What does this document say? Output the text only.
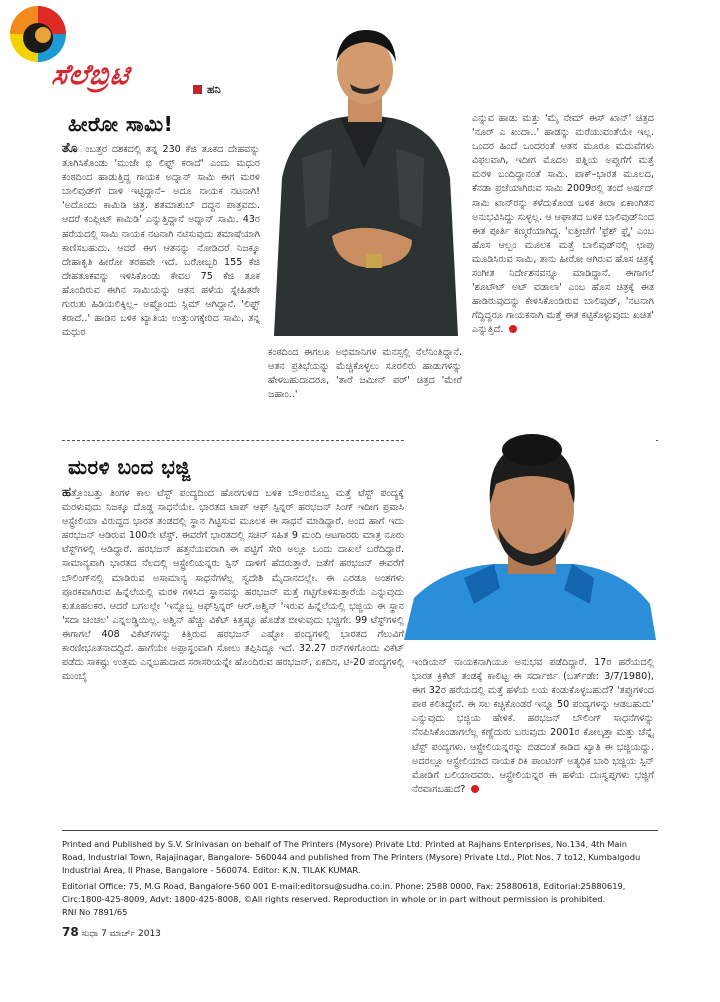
ಸೆಲೆಬ್ರಿಟಿ	ಹನಿ
ಹೀರೋ ಸಾಮಿ!
ತೊಂಬತ್ತರ ದಶಕದಲ್ಲಿ ತನ್ನ 230 ಕೆಜಿ ತೂಕದ ದೇಹವನ್ನು ತೂಗಿಸಿಕೊಂಡು 'ಮುಜೇ ಭಿ ಲಿಫ್ಟ್ ಕರಾದೆ' ಎಂದು ಮಧುರ ಕಂಠದಿಂದ ಹಾಡುತ್ತಿದ್ದ ಗಾಯಕ ಅದ್ನಾನ್ ಸಾಮಿ ಈಗ ಮರಳಿ ಬಾಲಿವುಡ್‌ಗೆ ದಾಳಿ ಇಟ್ಟಿದ್ದಾನೆ– ಅದೂ ನಾಯಕ ನಟನಾಗಿ! 'ಅದೊಂದು ಕಾಮಿಡಿ ಚಿತ್ರ. ಶತಮಾಶುಬ್ ದದ್ದನ ಪಾತ್ರವದು. ಆದರೆ ಕಂಪ್ಲೀಟ್ ಕಾಮಿಡಿ' ಎನ್ನುತ್ತಿದ್ದಾನೆ ಅದ್ನಾನ್ ಸಾಮಿ. 43ರ ಹರೆಯದಲ್ಲಿ ಸಾಮಿ ನಾಯಕ ನಟನಾಗಿ ನಟಿಸುವುದು ತಮಾಷೆಯಾಗಿ ಕಾಣಿಸಬಹುದು. ಆದರೆ ಈಗ ಆತನನ್ನು ನೋಡಿದರೆ ನಿಜಕ್ಕೂ ದೇಹಾಕೃತಿ ಹೀರೋ ತರಹವೇ ಇದೆ. ಬರೋಬ್ಬರಿ 155 ಕೆಜಿ ದೇಹತೂಕವನ್ನು ಇಳಿಸಿಕೊಂಡು ಕೇವಲ 75 ಕೆಜಿ ತೂಕ ಹೊಂದಿರುವ ಈಗಿನ ಸಾಮಿಯನ್ನು ಆತನ ಹಳೆಯ ಸ್ನೇಹಿತರೇ ಗುರುತು ಹಿಡಿಯಲಿಕ್ಕಿಲ್ಲ– ಅಷ್ಟೊಂದು ಸ್ಲಿಮ್ ಆಗಿದ್ದಾನೆ. 'ಲಿಫ್ಟ್ ಕರಾದೆ..' ಹಾಡಿನ ಬಳಿಕ ಖ್ಯಾತಿಯ ಉತ್ತುಂಗಕ್ಕೇರಿದ ಸಾಮಿ, ತನ್ನ ಮಧುರ
ಕಂಠದಿಂದ ಈಗಲೂ ಅಭಿಮಾನಿಗಳ ಮನಸ್ಸಲ್ಲಿ ನೆಲೆನಿಂತಿದ್ದಾನೆ. ಆತನ ಪ್ರತಿಭೆಯನ್ನು ಮೆಚ್ಚಿಕೊಳ್ಳಲು ಸೂರಲಿರು ಹಾಡುಗಳನ್ನು ಹೇಳಬಹುದಾದರೂ, 'ತಾರೆ ಜಮೀನ್ ಪರ್' ಚಿತ್ರದ 'ಮೇರೆ ಜಹಾಂ..'
ಎನ್ನುವ ಹಾಡು ಮತ್ತು 'ಮೈ ನೇಮ್ ಈಸ್ ಖಾನ್' ಚಿತ್ರದ 'ನೂರ್ ಎ ಖುದಾ..' ಹಾಡನ್ನು ಮರೆಯುವಂತೆಯೇ ಇಲ್ಲ. ಒಂದರ ಹಿಂದೆ ಒಂದರಂತೆ ಆತನ ಮೂರೂ ಮದುವೆಗಳು ವಿಫಲವಾಗಿ, ಇದೀಗ ಮೊದಲ ಪತ್ನಿಯ ಅಪ್ಪುಗೆಗೆ ಮತ್ತೆ ಮರಳಿ ಬಂದಿದ್ದಾನಂತೆ ಸಾಮಿ. ಪಾಕ್–ಭಾರತ ಮೂಲದ, ಕೆನಡಾ ಪ್ರಜೆಯಾಗಿರುವ ಸಾಮಿ 2009ರಲ್ಲಿ ತಂದೆ ಅರ್ಷದ್ ಸಾಮಿ ಖಾನ್‌ರನ್ನು ಕಳೆದುಕೊಂಡ ಬಳಿಕ ತೀರಾ ಏಕಾಂಗಿತನ ಅನುಭವಿಸಿದ್ದು ಸುಳ್ಳಲ್ಲ. ಆ ಆಘಾತದ ಬಳಿಕ ಬಾಲಿವುಡ್‌ನಿಂದ ಈತ ಪೂರ್ತಿ ಕಣ್ಮರೆಯಾಗಿದ್ದ. 'ಐತ್ತೀಚೆಗೆ 'ಫ್ರೆಶ್ ಫ್ರೈ' ಎಂಬ ಹೊಸ ಆಲ್ಬಂ ಮೂಲಕ ಮತ್ತೆ ಬಾಲಿವುಡ್‌ನಲ್ಲಿ ಛಾಪು ಮೂಡಿಸಿರುವ ಸಾಮಿ, ತಾನು ಹೀರೋ ಆಗಿರುವ ಹೊಸ ಚಿತ್ರಕ್ಕೆ ಸಂಗೀತ ನಿರ್ದೇಶನವನ್ನೂ ಮಾಡಿದ್ದಾನೆ. ಈಗಾಗಲೆ 'ಶೂಟೌಟ್ ಅಟ್ ವಡಾಲಾ' ಎಂಬ ಹೊಸ ಚಿತ್ರಕ್ಕೆ ಈತ ಹಾಡಿರುವುದನ್ನು ಕೇಳಿಸಿಕೊಂಡಿರುವ ಬಾಲಿವುಡ್, 'ನಟನಾಗಿ ಗೆದ್ದಿದ್ದರೂ ಗಾಯಕನಾಗಿ ಮತ್ತೆ ಈತ ಕಟ್ಟಿಕೊಳ್ಳುವುದು ಖಚಿತ' ಎನ್ನುತ್ತಿದೆ.
ಮರಳಿ ಬಂದ ಭಜ್ಜಿ
ಹತ್ತೊಂಬತ್ತು ತಿಂಗಳ ಕಾಲ ಟೆಸ್ಟ್ ಪಂದ್ಯದಿಂದ ಹೊರಗುಳಿದ ಬಳಿಕ ಬೌಲರನೊಬ್ಬ ಮತ್ತೆ ಟೆಸ್ಟ್ ಪಂದ್ಯಕ್ಕೆ ಮರಳುವುದು ನಿಜಕ್ಕೂ ದೊಡ್ಡ ಸಾಧನೆಯೇ. ಭಾರತದ ಟಾಪ್ ಆಫ್ ಸ್ಪಿನ್ನರ್ ಹರಭಜನ್ ಸಿಂಗ್ ಇದೀಗ ಪ್ರವಾಸಿ ಆಸ್ಟ್ರೇಲಿಯಾ ವಿರುದ್ಧದ ಭಾರತ ತಂಡದಲ್ಲಿ ಸ್ಥಾನ ಗಿಟ್ಟಿಸುವ ಮೂಲಕ ಈ ಸಾಧನೆ ಮಾಡಿದ್ದಾರೆ. ಅಂದ ಹಾಗೆ ಇದು ಹರಭಜನ್ ಆಡಿರುವ 100ನೇ ಟೆಸ್ಟ್. ಈವರೆಗೆ ಭಾರತದಲ್ಲಿ ಸಚಿನ್ ಸಹಿತ 9 ಮಂದಿ ಆಟಗಾರರು ಮಾತ್ರ ನೂರು ಟೆಸ್ಟ್‌ಗಳಲ್ಲಿ ಆಡಿದ್ದಾರೆ. ಹರಭಜನ್ ಹತ್ತನೆಯವರಾಗಿ ಈ ಪಟ್ಟಿಗೆ ಸೇರಿ ಅಲ್ಲೂ ಒಂದು ದಾಖಲೆ ಬರೆದಿದ್ದಾರೆ. ಸಾಮಾನ್ಯವಾಗಿ ಭಾರತದ ನೆಲದಲ್ಲಿ ಆಸ್ಟ್ರೇಲಿಯನ್ನರು ಸ್ಪಿನ್ ದಾಳಿಗೆ ಹೆದರುತ್ತಾರೆ. ಜತೆಗೆ ಹರಭಜನ್ ಈವರೆಗೆ ಬೌಲಿಂಗ್‌ನಲ್ಲಿ ಮಾಡಿರುವ ಅಸಾಮಾನ್ಯ ಸಾಧನೆಗಳೆಲ್ಲ ಸ್ವದೇಶಿ ಮೈದಾನದಲ್ಲೇ. ಈ ಎರಡೂ ಅಂಶಗಳು ಪೂರಕವಾಗಿರುವ ಹಿನ್ನೆಲೆಯಲ್ಲಿ ಮರಳಿ ಗಳಿಸಿದ ಸ್ಥಾನವನ್ನು ಹರಭಜನ್ ಮತ್ತೆ ಗಟ್ಟಿಗೊಳಿಸುತ್ತಾರೆಯೆ ಎನ್ನುವುದು ಕುತೂಹಲಕರ. ಆದರೆ ಬಗಲಲ್ಲೇ 'ಇನ್ನೊಬ್ಬ ಆಫ್‌ಸ್ಪಿನ್ನರ್ ಆರ್.ಅಶ್ವಿನ್ 'ಇರುವ ಹಿನ್ನೆಲೆಯಲ್ಲಿ ಭಜ್ಜಿಯ ಈ ಸ್ಥಾನ 'ಸದಾ ಚಂಚಲ' ಎನ್ನಲಡ್ಡಿಯಿಲ್ಲ. ಅಶ್ವಿನ್ ಹೆಚ್ಚು ವಿಕೆಟ್ ಕಿತ್ತಷ್ಟೂ ಹೊಡೆತ ಬೀಳುವುದು ಭಜ್ಜಿಗೇ. 99 ಟೆಸ್ಟ್‌ಗಳಲ್ಲಿ ಈಗಾಗಲೆ 408 ವಿಕೆಟ್‌ಗಳನ್ನು ಕಿತ್ತಿರುವ ಹರಭಜನ್ ಎಷ್ಟೋ ಪಂದ್ಯಗಳಲ್ಲಿ ಭಾರತದ ಗೆಲುವಿಗೆ ಕಾರಣೀಭೂತನಾದದ್ದಿದೆ. ಹಾಗೆಯೇ ಅಪ್ಪಾಸ್ಥಂವಾಗಿ ಸೋಲು ತಪ್ಪಿಸಿದ್ದೂ ಇದೆ. 32.27 ರನ್‌ಗಳಿಗೊಂದು ವಿಕೆಟ್ ಪಡೆದು ಸಾಕಷ್ಟು ಉತ್ತಮ ಎನ್ನಬಹುದಾದ ಸರಾಸರಿಯನ್ನೇ ಹೊಂದಿರುವ ಹರಭಜನ್, ಏಕದಿನ, ಟಿ-20 ಪಂದ್ಯಗಳಲ್ಲಿ ಮುಂಬೈ
ಇಂಡಿಯನ್ ನಾಯಕನಾಗಿಯೂ ಅನುಭವ ಪಡೆದಿದ್ದಾರೆ. 17ರ ಹರೆಯದಲ್ಲಿ ಭಾರತ ಕ್ರಿಕೆಟ್ ತಂಡಕ್ಕೆ ಕಾಲಿಟ್ಟ ಈ ಸರ್ದಾರ್ಜಿ (ಬರ್ತ್‌ಡೇ: 3/7/1980), ಈಗ 32ರ ಹರೆಯದಲ್ಲಿ ಮತ್ತೆ ಹಳೆಯ ಲಯ ಕಂಡುಕೊಳ್ಳಬಹುದೆ? 'ತಪ್ಪುಗಳಿಂದ ಪಾಠ ಕಲಿತಿದ್ದೇನೆ. ಈ ಸಲ ಕಚ್ಚಿಕೊಂಡರೆ ಇನ್ನೂ 50 ಪಂದ್ಯಗಳನ್ನು ಆಡಬಹುದು' ಎನ್ನುವುದು ಭಜ್ಜಿಯ ಹೇಳಿಕೆ. ಹರಭಜನ್ ಬೌಲಿಂಗ್ ಸಾಧನೆಗಳನ್ನು ನೆನಪಿಸಿಕೊಂಡಾಗಲೆಲ್ಲ ಕಣ್ಣೆದುರು ಬರುವುದು 2001ರ ಕೋಲ್ಕತ್ತಾ ಮತ್ತು ಚೆನ್ನೈ ಟೆಸ್ಟ್ ಪಂದ್ಯಗಳು. ಆಸ್ಟ್ರೇಲಿಯನ್ನರನ್ನು ಬಿಡದಂತೆ ಕಾಡಿದ ಖ್ಯಾತಿ ಈ ಭಜ್ಜಿಯದ್ದು. ಅದರಲ್ಲೂ ಆಸ್ಟ್ರೇಲಿಯಾದ ನಾಯಕ ರಿಕಿ ಪಾಂಟಿಂಗ್ ಅತ್ಯಧಿಕ ಬಾರಿ ಭಜ್ಜಿಯ ಸ್ಪಿನ್ ಮೋಡಿಗೆ ಬಲಿಯಾದವರು. ಆಸ್ಟ್ರೇಲಿಯನ್ನರ ಈ ಹಳೆಯ ದುಃಸ್ವಪ್ನಗಳು ಭಜ್ಜಿಗೆ ನೆರವಾಗಬಹುದೆ?

Printed and Published by S.V. Srinivasan on behalf of The Printers (Mysore) Private Ltd. Printed at Rajhans Enterprises, No.134, 4th Main Road, Industrial Town, Rajajinagar, Bangalore- 560044 and published from The Printers (Mysore) Private Ltd., Plot Nos. 7 to12, Kumbalgodu Industrial Area, II Phase, Bangalore - 560074. Editor: K.N. TILAK KUMAR.

Editorial Office: 75, M.G Road, Bangalore-560 001 E-mail:editorsu@sudha.co.in. Phone: 2588 0000, Fax: 25880618, Editorial:25880619, Circ:1800-425-8009, Advt: 1800-425-8008, ©All rights reserved. Reproduction in whole or in part without permission is prohibited.

RNI No 7891/65

78 ಸುಧಾ 7 ಮಾರ್ಚ್ 2013
